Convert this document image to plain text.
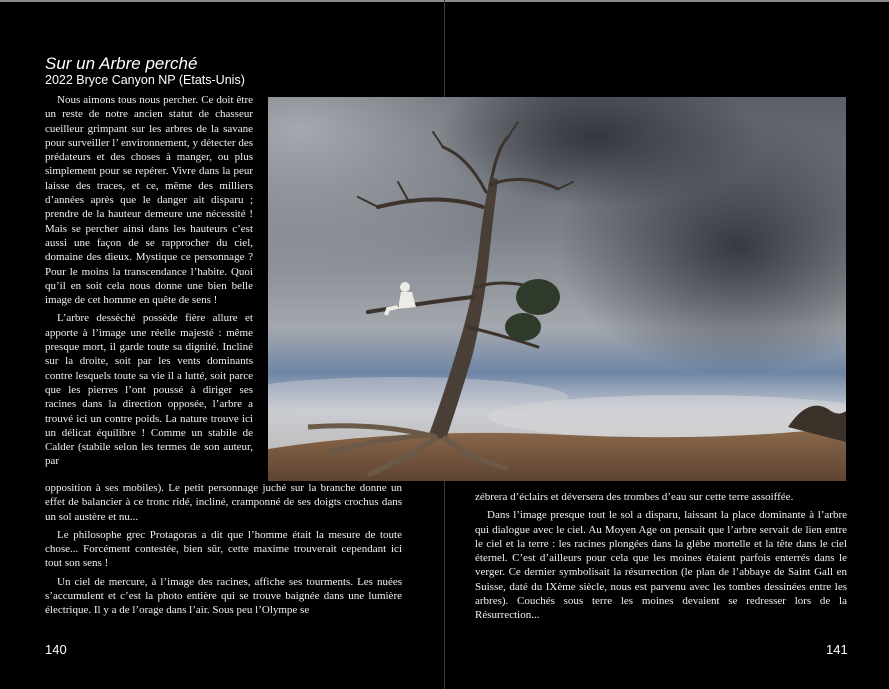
Sur un Arbre perché
2022 Bryce Canyon NP (Etats-Unis)

Nous aimons tous nous percher. Ce doit être un reste de notre ancien statut de chasseur cueilleur grimpant sur les arbres de la savane pour surveiller l’ environnement, y détecter des prédateurs et des choses à manger, ou plus simplement pour se repérer. Vivre dans la peur laisse des traces, et ce, même des milliers d’années après que le danger ait disparu ; prendre de la hauteur demeure une nécessité ! Mais se percher ainsi dans les hauteurs c’est aussi une façon de se rapprocher du ciel, domaine des dieux. Mystique ce personnage ? Pour le moins la transcendance l’habite. Quoi qu’il en soit cela nous donne une bien belle image de cet homme en quête de sens !

L’arbre desséché possède fière allure et apporte à l’image une réelle majesté : même presque mort, il garde toute sa dignité. Incliné sur la droite, soit par les vents dominants contre lesquels toute sa vie il a lutté, soit parce que les pierres l’ont poussé à diriger ses racines dans la direction opposée, l’arbre a trouvé ici un contre poids. La nature trouve ici un délicat équilibre ! Comme un stabile de Calder (stabile selon les termes de son auteur, par

opposition à ses mobiles). Le petit personnage juché sur la branche donne un effet de balancier à ce tronc ridé, incliné, cramponné de ses doigts crochus dans un sol austère et nu...

Le philosophe grec Protagoras a dit que l’homme était la mesure de toute chose... Forcément contestée, bien sûr, cette maxime trouverait cependant ici tout son sens !

Un ciel de mercure, à l’image des racines, affiche ses tourments. Les nuées s’accumulent et c’est la photo entière qui se trouve baignée dans une lumière électrique. Il y a de l’orage dans l’air. Sous peu l’Olympe se

zébrera d’éclairs et déversera des trombes d’eau sur cette terre assoiffée.

Dans l’image presque tout le sol a disparu, laissant la place dominante à l’arbre qui dialogue avec le ciel. Au Moyen Age on pensait que l’arbre servait de lien entre le ciel et la terre : les racines plongées dans la glèbe mortelle et la tête dans le ciel éternel. C’est d’ailleurs pour cela que les moines étaient parfois enterrés dans le verger. Ce dernier symbolisait la résurrection (le plan de l’abbaye de Saint Gall en Suisse, daté du IXème siècle, nous est parvenu avec les tombes dessinées entre les arbres). Couchés sous terre les moines devaient se redresser lors de la Résurrection...

140	141
